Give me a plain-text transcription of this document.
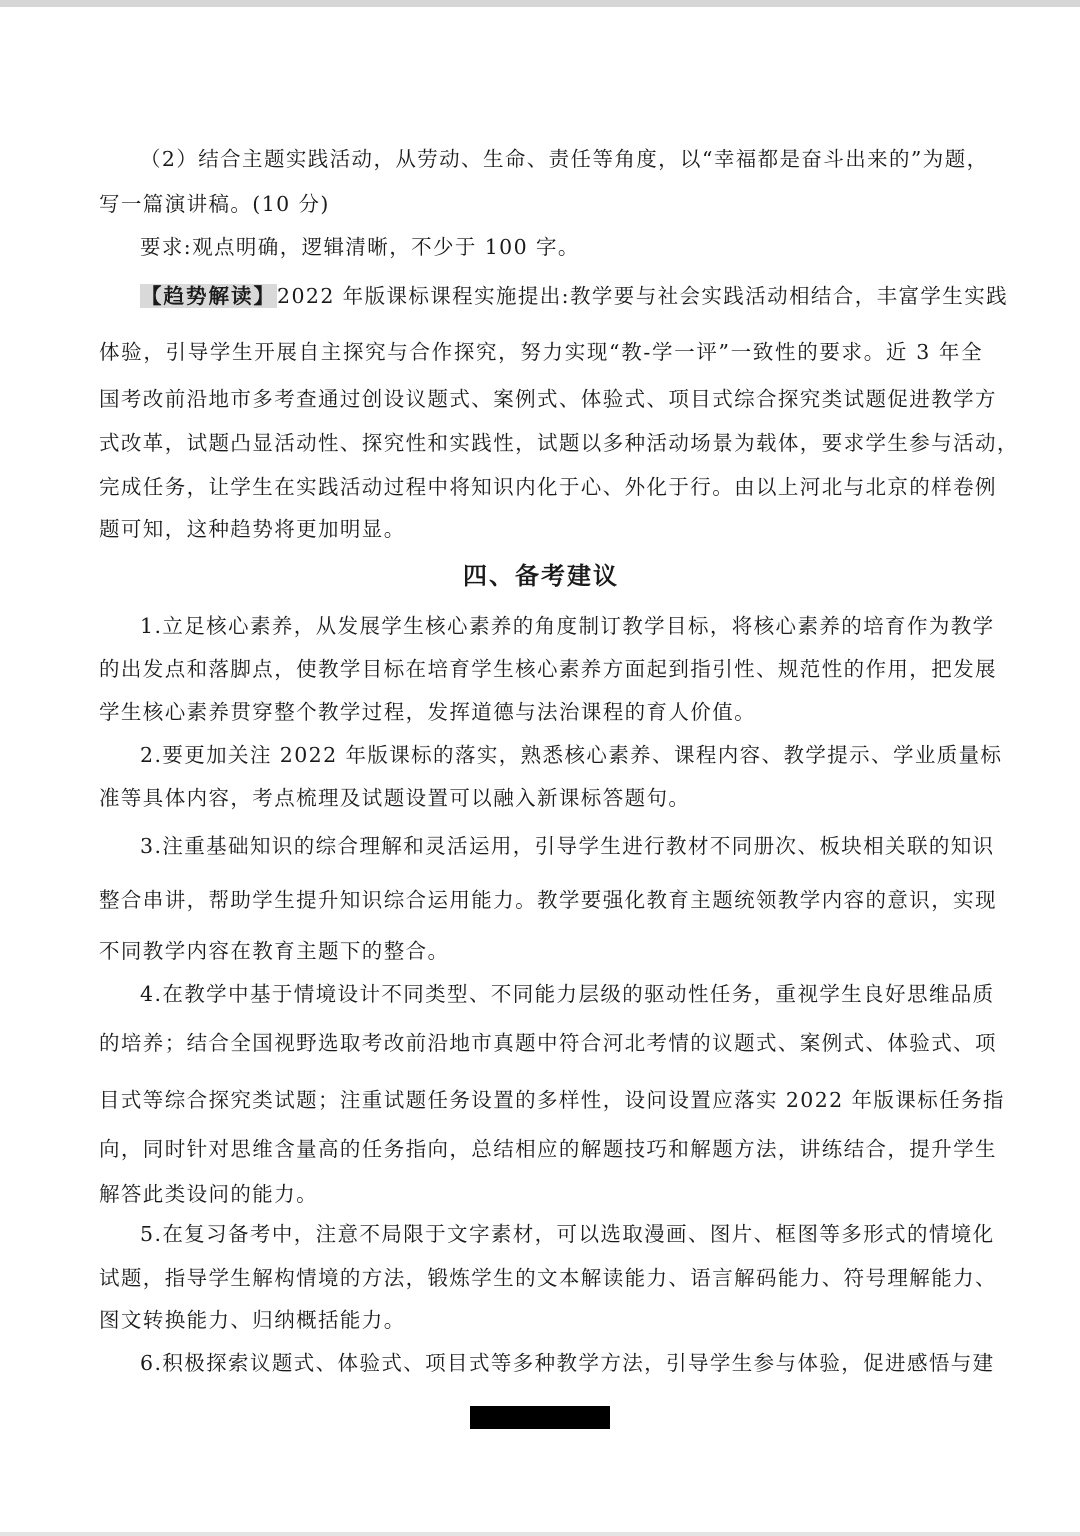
（2）结合主题实践活动，从劳动、生命、责任等角度，以“幸福都是奋斗出来的”为题，

写一篇演讲稿。(10 分)

要求:观点明确，逻辑清晰，不少于 100 字。

【趋势解读】2022 年版课标课程实施提出:教学要与社会实践活动相结合，丰富学生实践

体验，引导学生开展自主探究与合作探究，努力实现“教-学一评”一致性的要求。近 3 年全

国考改前沿地市多考查通过创设议题式、案例式、体验式、项目式综合探究类试题促进教学方

式改革，试题凸显活动性、探究性和实践性，试题以多种活动场景为载体，要求学生参与活动，

完成任务，让学生在实践活动过程中将知识内化于心、外化于行。由以上河北与北京的样卷例

题可知，这种趋势将更加明显。

四、备考建议

1.立足核心素养，从发展学生核心素养的角度制订教学目标，将核心素养的培育作为教学

的出发点和落脚点，使教学目标在培育学生核心素养方面起到指引性、规范性的作用，把发展

学生核心素养贯穿整个教学过程，发挥道德与法治课程的育人价值。

2.要更加关注 2022 年版课标的落实，熟悉核心素养、课程内容、教学提示、学业质量标

准等具体内容，考点梳理及试题设置可以融入新课标答题句。

3.注重基础知识的综合理解和灵活运用，引导学生进行教材不同册次、板块相关联的知识

整合串讲，帮助学生提升知识综合运用能力。教学要强化教育主题统领教学内容的意识，实现

不同教学内容在教育主题下的整合。

4.在教学中基于情境设计不同类型、不同能力层级的驱动性任务，重视学生良好思维品质

的培养；结合全国视野选取考改前沿地市真题中符合河北考情的议题式、案例式、体验式、项

目式等综合探究类试题；注重试题任务设置的多样性，设问设置应落实 2022 年版课标任务指

向，同时针对思维含量高的任务指向，总结相应的解题技巧和解题方法，讲练结合，提升学生

解答此类设问的能力。

5.在复习备考中，注意不局限于文字素材，可以选取漫画、图片、框图等多形式的情境化

试题，指导学生解构情境的方法，锻炼学生的文本解读能力、语言解码能力、符号理解能力、

图文转换能力、归纳概括能力。

6.积极探索议题式、体验式、项目式等多种教学方法，引导学生参与体验，促进感悟与建
